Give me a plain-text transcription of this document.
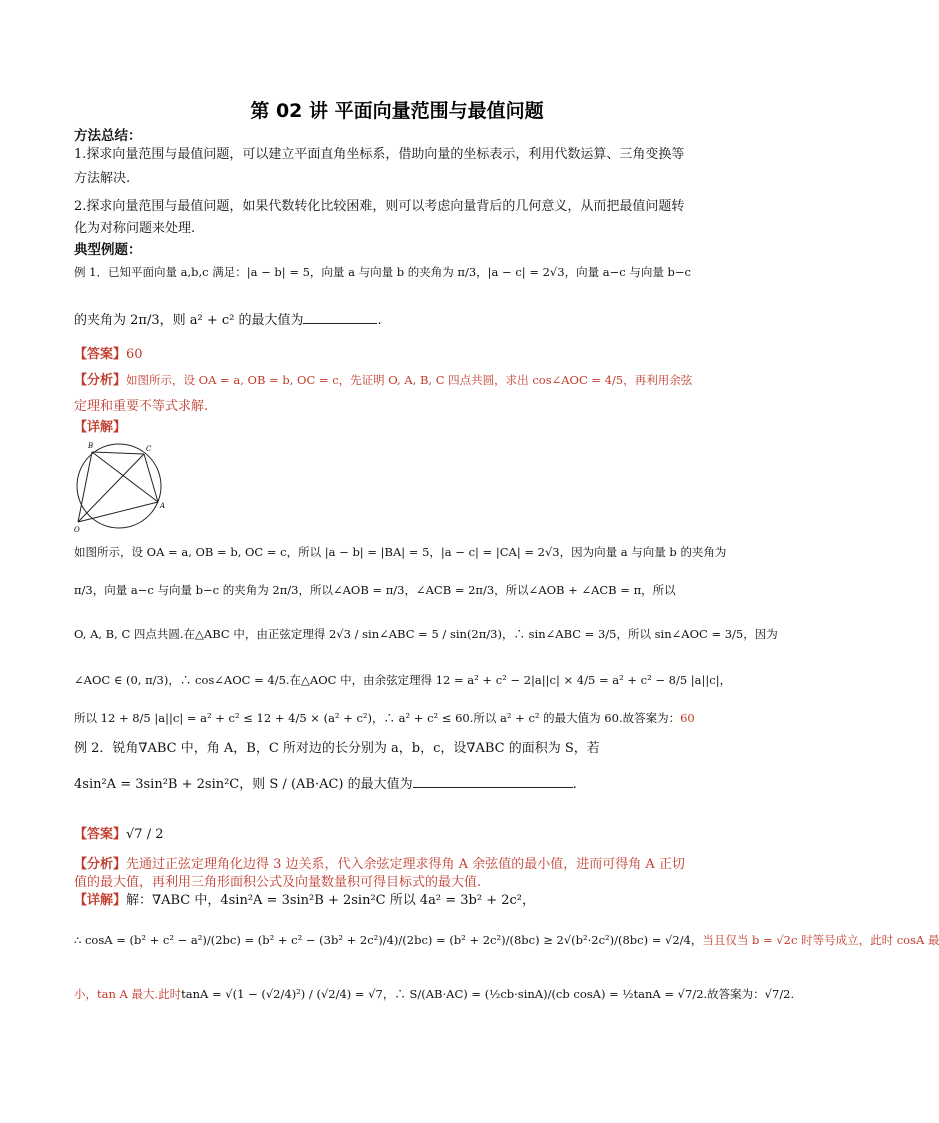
第 02 讲 平面向量范围与最值问题
方法总结：
1.探求向量范围与最值问题，可以建立平面直角坐标系，借助向量的坐标表示，利用代数运算、三角变换等
方法解决.
2.探求向量范围与最值问题，如果代数转化比较困难，则可以考虑向量背后的几何意义，从而把最值问题转
化为对称问题来处理.
典型例题：
例 1．已知平面向量 a,b,c 满足：|a − b| = 5，向量 a 与向量 b 的夹角为 π/3，|a − c| = 2√3，向量 a−c 与向量 b−c
的夹角为 2π/3，则 a² + c² 的最大值为	.
【答案】60
【分析】如图所示，设 OA = a, OB = b, OC = c，先证明 O, A, B, C 四点共圆，求出 cos∠AOC = 4/5，再利用余弦
定理和重要不等式求解.
【详解】
B	C
A
O
如图所示，设 OA = a, OB = b, OC = c，所以 |a − b| = |BA| = 5，|a − c| = |CA| = 2√3，因为向量 a 与向量 b 的夹角为
π/3，向量 a−c 与向量 b−c 的夹角为 2π/3，所以∠AOB = π/3，∠ACB = 2π/3，所以∠AOB + ∠ACB = π，所以
O, A, B, C 四点共圆.在△ABC 中，由正弦定理得 2√3 / sin∠ABC = 5 / sin(2π/3)，∴ sin∠ABC = 3/5，所以 sin∠AOC = 3/5，因为
∠AOC ∈ (0, π/3)，∴ cos∠AOC = 4/5.在△AOC 中，由余弦定理得 12 = a² + c² − 2|a||c| × 4/5 = a² + c² − 8/5 |a||c|，
所以 12 + 8/5 |a||c| = a² + c² ≤ 12 + 4/5 × (a² + c²)，∴ a² + c² ≤ 60.所以 a² + c² 的最大值为 60.故答案为：60
例 2．锐角∇ABC 中，角 A，B，C 所对边的长分别为 a，b，c，设∇ABC 的面积为 S，若
4sin²A = 3sin²B + 2sin²C，则 S / (AB·AC) 的最大值为	.
【答案】√7 / 2
【分析】先通过正弦定理角化边得 3 边关系，代入余弦定理求得角 A 余弦值的最小值，进而可得角 A 正切
值的最大值，再利用三角形面积公式及向量数量积可得目标式的最大值.
【详解】解：∇ABC 中，4sin²A = 3sin²B + 2sin²C 所以 4a² = 3b² + 2c²，
∴ cosA = (b² + c² − a²)/(2bc) = (b² + c² − (3b² + 2c²)/4)/(2bc) = (b² + 2c²)/(8bc) ≥ 2√(b²·2c²)/(8bc) = √2/4，当且仅当 b = √2c 时等号成立，此时 cosA 最
小，tan A 最大.此时tanA = √(1 − (√2/4)²) / (√2/4) = √7，∴ S/(AB·AC) = (½cb·sinA)/(cb cosA) = ½tanA = √7/2.故答案为：√7/2.
